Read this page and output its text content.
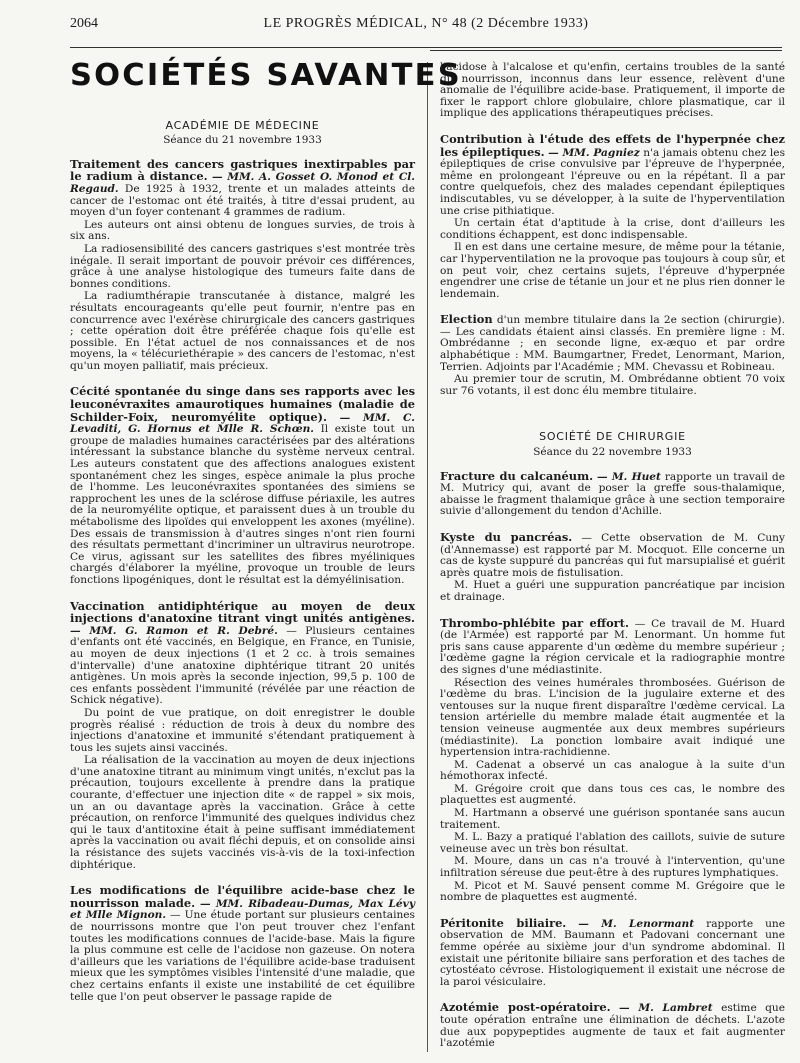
2064	LE PROGRÈS MÉDICAL, N° 48 (2 Décembre 1933)
SOCIÉTÉS SAVANTES
ACADÉMIE DE MÉDECINE
Séance du 21 novembre 1933

Traitement des cancers gastriques inextirpables par le radium à distance. — MM. A. Gosset O. Monod et Cl. Regaud. De 1925 à 1932, trente et un malades atteints de cancer de l'estomac ont été traités, à titre d'essai prudent, au moyen d'un foyer contenant 4 grammes de radium.

Les auteurs ont ainsi obtenu de longues survies, de trois à six ans.

La radiosensibilité des cancers gastriques s'est montrée très inégale. Il serait important de pouvoir prévoir ces différences, grâce à une analyse histologique des tumeurs faite dans de bonnes conditions.

La radiumthérapie transcutanée à distance, malgré les résultats encourageants qu'elle peut fournir, n'entre pas en concurrence avec l'exérèse chirurgicale des cancers gastriques ; cette opération doit être préférée chaque fois qu'elle est possible. En l'état actuel de nos connaissances et de nos moyens, la « télécuriethérapie » des cancers de l'estomac, n'est qu'un moyen palliatif, mais précieux.

Cécité spontanée du singe dans ses rapports avec les leuconévraxites amaurotiques humaines (maladie de Schilder-Foix, neuromyélite optique). — MM. C. Levaditi, G. Hornus et Mlle R. Schœn. Il existe tout un groupe de maladies humaines caractérisées par des altérations intéressant la substance blanche du système nerveux central. Les auteurs constatent que des affections analogues existent spontanément chez les singes, espèce animale la plus proche de l'homme. Les leuconévraxites spontanées des simiens se rapprochent les unes de la sclérose diffuse périaxile, les autres de la neuromyélite optique, et paraissent dues à un trouble du métabolisme des lipoïdes qui enveloppent les axones (myéline). Des essais de transmission à d'autres singes n'ont rien fourni des résultats permettant d'incriminer un ultravirus neurotrope. Ce virus, agissant sur les satellites des fibres myéliniques chargés d'élaborer la myéline, provoque un trouble de leurs fonctions lipogéniques, dont le résultat est la démyélinisation.

Vaccination antidiphtérique au moyen de deux injections d'anatoxine titrant vingt unités antigènes. — MM. G. Ramon et R. Debré. — Plusieurs centaines d'enfants ont été vaccinés, en Belgique, en France, en Tunisie, au moyen de deux injections (1 et 2 cc. à trois semaines d'intervalle) d'une anatoxine diphtérique titrant 20 unités antigènes. Un mois après la seconde injection, 99,5 p. 100 de ces enfants possèdent l'immunité (révélée par une réaction de Schick négative).

Du point de vue pratique, on doit enregistrer le double progrès réalisé : réduction de trois à deux du nombre des injections d'anatoxine et immunité s'étendant pratiquement à tous les sujets ainsi vaccinés.

La réalisation de la vaccination au moyen de deux injections d'une anatoxine titrant au minimum vingt unités, n'exclut pas la précaution, toujours excellente à prendre dans la pratique courante, d'effectuer une injection dite « de rappel » six mois, un an ou davantage après la vaccination. Grâce à cette précaution, on renforce l'immunité des quelques individus chez qui le taux d'antitoxine était à peine suffisant immédiatement après la vaccination ou avait fléchi depuis, et on consolide ainsi la résistance des sujets vaccinés vis-à-vis de la toxi-infection diphtérique.

Les modifications de l'équilibre acide-base chez le nourrisson malade. — MM. Ribadeau-Dumas, Max Lévy et Mlle Mignon. — Une étude portant sur plusieurs centaines de nourrissons montre que l'on peut trouver chez l'enfant toutes les modifications connues de l'acide-base. Mais la figure la plus commune est celle de l'acidose non gazeuse. On notera d'ailleurs que les variations de l'équilibre acide-base traduisent mieux que les symptômes visibles l'intensité d'une maladie, que chez certains enfants il existe une instabilité de cet équilibre telle que l'on peut observer le passage rapide de

l'acidose à l'alcalose et qu'enfin, certains troubles de la santé du nourrisson, inconnus dans leur essence, relèvent d'une anomalie de l'équilibre acide-base. Pratiquement, il importe de fixer le rapport chlore globulaire, chlore plasmatique, car il implique des applications thérapeutiques précises.

Contribution à l'étude des effets de l'hyperpnée chez les épileptiques. — MM. Pagniez n'a jamais obtenu chez les épileptiques de crise convulsive par l'épreuve de l'hyperpnée, même en prolongeant l'épreuve ou en la répétant. Il a par contre quelquefois, chez des malades cependant épileptiques indiscutables, vu se développer, à la suite de l'hyperventilation une crise pithiatique.

Un certain état d'aptitude à la crise, dont d'ailleurs les conditions échappent, est donc indispensable.

Il en est dans une certaine mesure, de même pour la tétanie, car l'hyperventilation ne la provoque pas toujours à coup sûr, et on peut voir, chez certains sujets, l'épreuve d'hyperpnée engendrer une crise de tétanie un jour et ne plus rien donner le lendemain.

Election d'un membre titulaire dans la 2e section (chirurgie). — Les candidats étaient ainsi classés. En première ligne : M. Ombrédanne ; en seconde ligne, ex-æquo et par ordre alphabétique : MM. Baumgartner, Fredet, Lenormant, Marion, Terrien. Adjoints par l'Académie ; MM. Chevassu et Robineau.

Au premier tour de scrutin, M. Ombrédanne obtient 70 voix sur 76 votants, il est donc élu membre titulaire.

SOCIÉTÉ DE CHIRURGIE
Séance du 22 novembre 1933

Fracture du calcanéum. — M. Huet rapporte un travail de M. Mutricy qui, avant de poser la greffe sous-thalamique, abaisse le fragment thalamique grâce à une section temporaire suivie d'allongement du tendon d'Achille.

Kyste du pancréas. — Cette observation de M. Cuny (d'Annemasse) est rapporté par M. Mocquot. Elle concerne un cas de kyste suppuré du pancréas qui fut marsupialisé et guérit après quatre mois de fistulisation.

M. Huet a guéri une suppuration pancréatique par incision et drainage.

Thrombo-phlébite par effort. — Ce travail de M. Huard (de l'Armée) est rapporté par M. Lenormant. Un homme fut pris sans cause apparente d'un œdème du membre supérieur ; l'œdème gagne la région cervicale et la radiographie montre des signes d'une médiastinite.

Résection des veines humérales thrombosées. Guérison de l'œdème du bras. L'incision de la jugulaire externe et des ventouses sur la nuque firent disparaître l'œdème cervical. La tension artérielle du membre malade était augmentée et la tension veineuse augmentée aux deux membres supérieurs (médiastinite). La ponction lombaire avait indiqué une hypertension intra-rachidienne.

M. Cadenat a observé un cas analogue à la suite d'un hémothorax infecté.

M. Grégoire croit que dans tous ces cas, le nombre des plaquettes est augmenté.

M. Hartmann a observé une guérison spontanée sans aucun traitement.

M. L. Bazy a pratiqué l'ablation des caillots, suivie de suture veineuse avec un très bon résultat.

M. Moure, dans un cas n'a trouvé à l'intervention, qu'une infiltration séreuse due peut-être à des ruptures lymphatiques.

M. Picot et M. Sauvé pensent comme M. Grégoire que le nombre de plaquettes est augmenté.

Péritonite biliaire. — M. Lenormant rapporte une observation de MM. Baumann et Padovani concernant une femme opérée au sixième jour d'un syndrome abdominal. Il existait une péritonite biliaire sans perforation et des taches de cytostéato cévrose. Histologiquement il existait une nécrose de la paroi vésiculaire.

Azotémie post-opératoire. — M. Lambret estime que toute opération entraîne une élimination de déchets. L'azote due aux popypeptides augmente de taux et fait augmenter l'azotémie
